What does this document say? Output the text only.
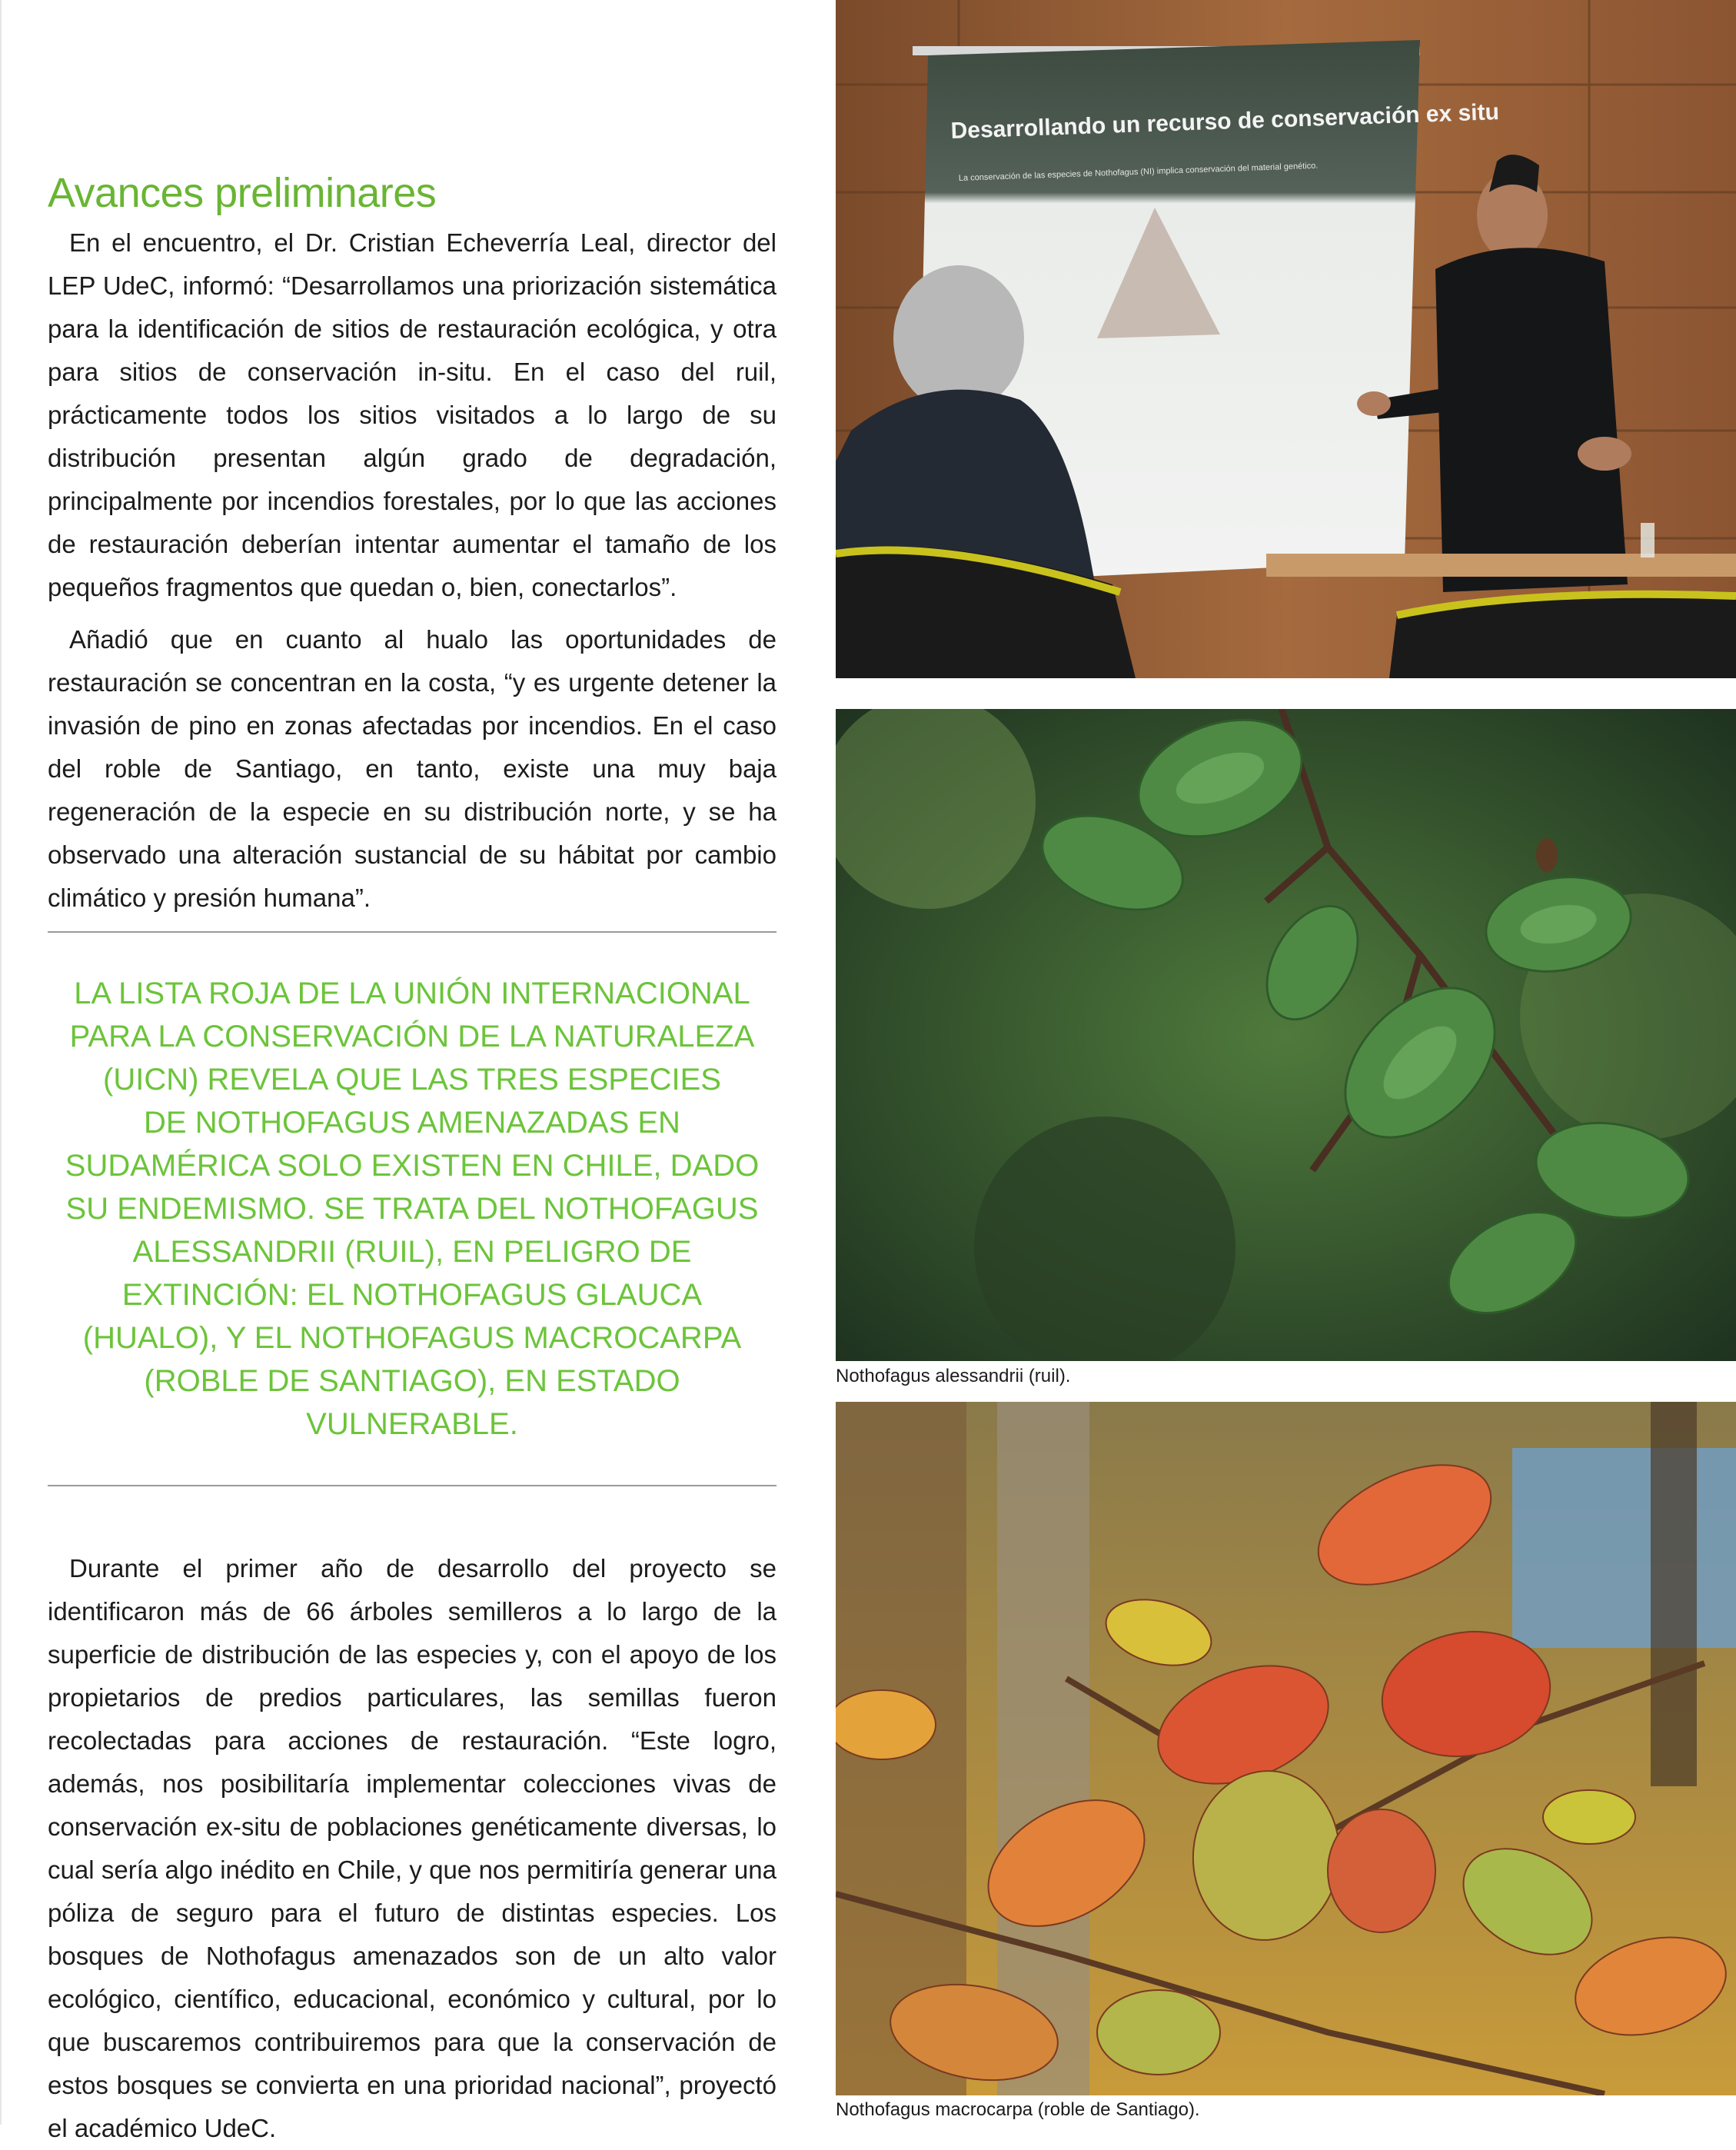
Avances preliminares

En el encuentro, el Dr. Cristian Echeverría Leal, director del LEP UdeC, informó: “Desarrollamos una priorización sistemática para la identificación de sitios de restauración ecológica, y otra para sitios de conservación in-situ. En el caso del ruil, prácticamente todos los sitios visitados a lo largo de su distribución presentan algún grado de degradación, principalmente por incendios forestales, por lo que las acciones de restauración deberían intentar aumentar el tamaño de los pequeños fragmentos que quedan o, bien, conectarlos”.

Añadió que en cuanto al hualo las oportunidades de restauración se concentran en la costa, “y es urgente detener la invasión de pino en zonas afectadas por incendios. En el caso del roble de Santiago, en tanto, existe una muy baja regeneración de la especie en su distribución norte, y se ha observado una alteración sustancial de su hábitat por cambio climático y presión humana”.

LA LISTA ROJA DE LA UNIÓN INTERNACIONAL
PARA LA CONSERVACIÓN DE LA NATURALEZA
(UICN) REVELA QUE LAS TRES ESPECIES
DE NOTHOFAGUS AMENAZADAS EN
SUDAMÉRICA SOLO EXISTEN EN CHILE, DADO
SU ENDEMISMO. SE TRATA DEL NOTHOFAGUS
ALESSANDRII (RUIL), EN PELIGRO DE
EXTINCIÓN: EL NOTHOFAGUS GLAUCA
(HUALO), Y EL NOTHOFAGUS MACROCARPA
(ROBLE DE SANTIAGO), EN ESTADO
VULNERABLE.

Durante el primer año de desarrollo del proyecto se identificaron más de 66 árboles semilleros a lo largo de la superficie de distribución de las especies y, con el apoyo de los propietarios de predios particulares, las semillas fueron recolectadas para acciones de restauración. “Este logro, además, nos posibilitaría implementar colecciones vivas de conservación ex-situ de poblaciones genéticamente diversas, lo cual sería algo inédito en Chile, y que nos permitiría generar una póliza de seguro para el futuro de distintas especies. Los bosques de Nothofagus amenazados son de un alto valor ecológico, científico, educacional, económico y cultural, por lo que buscaremos contribuiremos para que la conservación de estos bosques se convierta en una prioridad nacional”, proyectó el académico UdeC.

Desarrollando un recurso de conservación ex situ
La conservación de las especies de Nothofagus (NI) implica conservación del material genético.
Nothofagus alessandrii (ruil).
Nothofagus macrocarpa (roble de Santiago).
